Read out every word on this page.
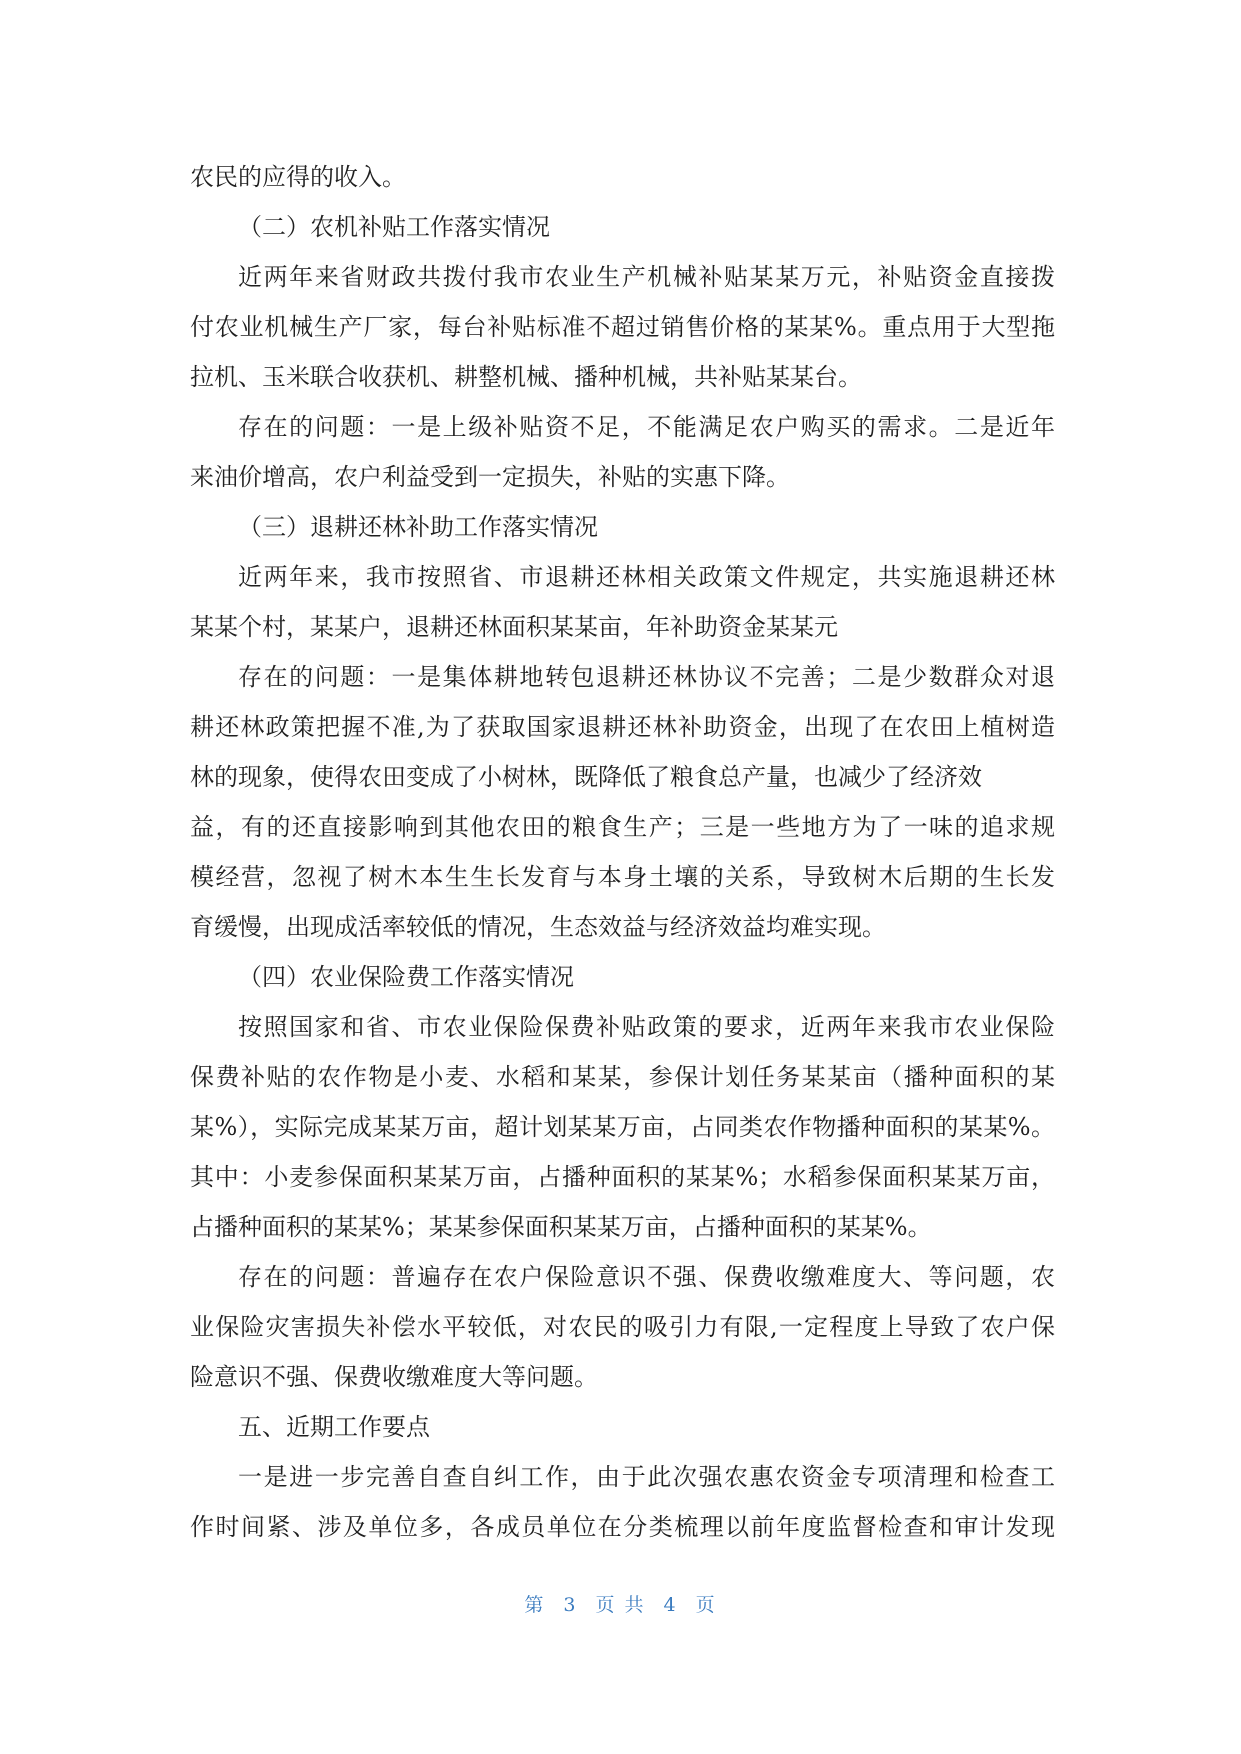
农民的应得的收入。
（二）农机补贴工作落实情况
近两年来省财政共拨付我市农业生产机械补贴某某万元，补贴资金直接拨
付农业机械生产厂家，每台补贴标准不超过销售价格的某某%。重点用于大型拖
拉机、玉米联合收获机、耕整机械、播种机械，共补贴某某台。
存在的问题：一是上级补贴资不足，不能满足农户购买的需求。二是近年
来油价增高，农户利益受到一定损失，补贴的实惠下降。
（三）退耕还林补助工作落实情况
近两年来，我市按照省、市退耕还林相关政策文件规定，共实施退耕还林
某某个村，某某户，退耕还林面积某某亩，年补助资金某某元
存在的问题：一是集体耕地转包退耕还林协议不完善；二是少数群众对退
耕还林政策把握不准,为了获取国家退耕还林补助资金，出现了在农田上植树造
林的现象，使得农田变成了小树林，既降低了粮食总产量，也减少了经济效
益，有的还直接影响到其他农田的粮食生产；三是一些地方为了一味的追求规
模经营，忽视了树木本生生长发育与本身土壤的关系，导致树木后期的生长发
育缓慢，出现成活率较低的情况，生态效益与经济效益均难实现。
（四）农业保险费工作落实情况
按照国家和省、市农业保险保费补贴政策的要求，近两年来我市农业保险
保费补贴的农作物是小麦、水稻和某某，参保计划任务某某亩（播种面积的某
某%），实际完成某某万亩，超计划某某万亩，占同类农作物播种面积的某某%。
其中：小麦参保面积某某万亩，占播种面积的某某%；水稻参保面积某某万亩，
占播种面积的某某%；某某参保面积某某万亩，占播种面积的某某%。
存在的问题：普遍存在农户保险意识不强、保费收缴难度大、等问题，农
业保险灾害损失补偿水平较低，对农民的吸引力有限,一定程度上导致了农户保
险意识不强、保费收缴难度大等问题。
五、近期工作要点
一是进一步完善自查自纠工作，由于此次强农惠农资金专项清理和检查工
作时间紧、涉及单位多，各成员单位在分类梳理以前年度监督检查和审计发现
第 3 页 共 4 页
